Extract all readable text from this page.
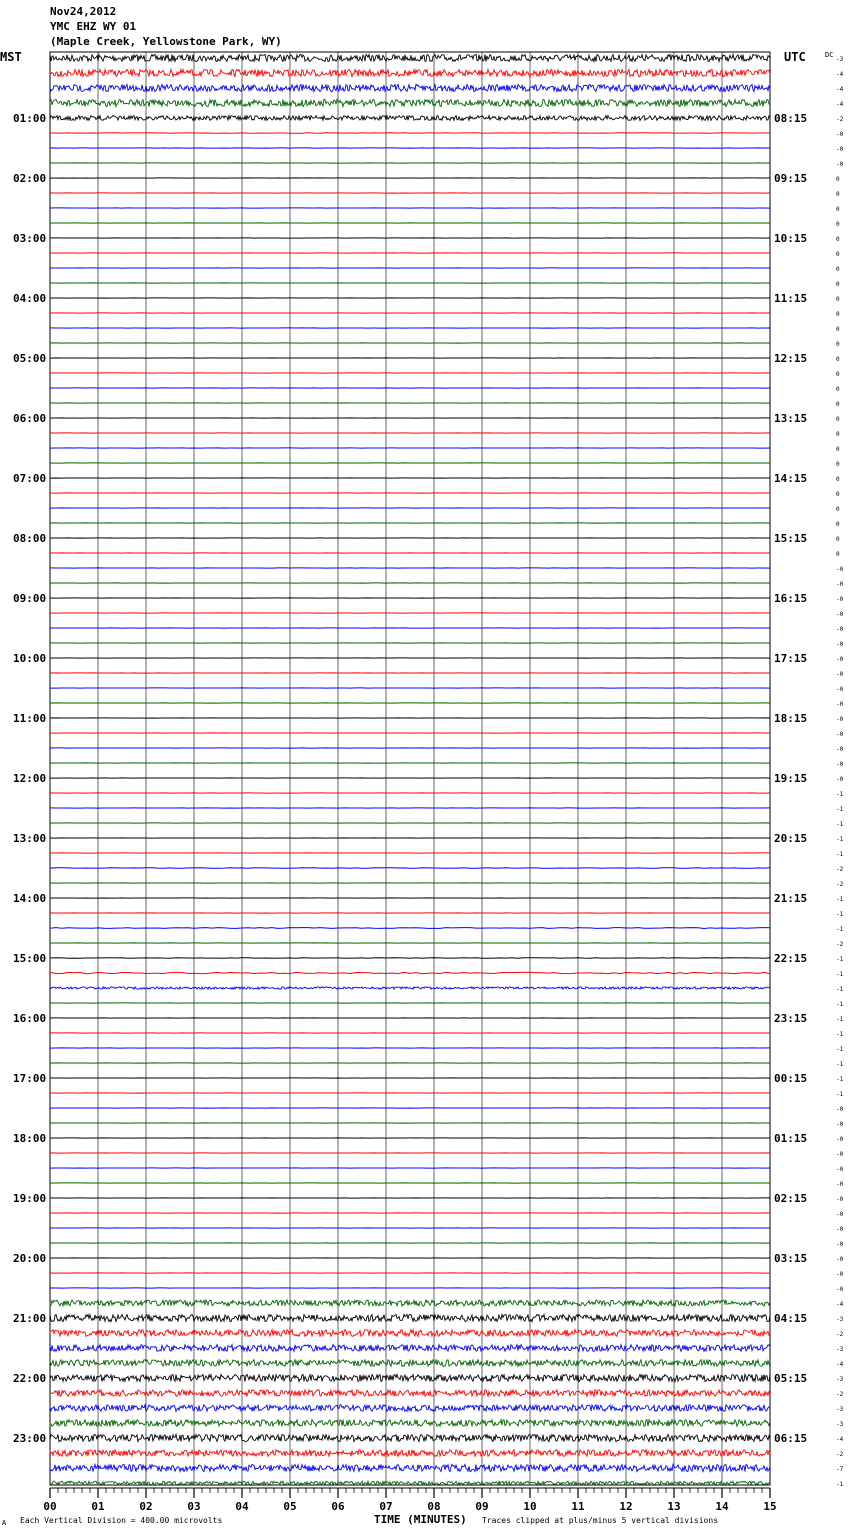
Nov24,2012
YMC EHZ WY 01
(Maple Creek, Yellowstone Park, WY)
-3
-4
-4
-4
-2
-0
-0
-0
0
0
0
0
0
0
0
0
0
0
0
0
0
0
0
0
0
0
0
0
0
0
0
0
0
0
-0
-0
-0
-0
-0
-0
-0
-0
-0
-0
-0
-0
-0
-0
-0
-1
-1
-1
-1
-1
-2
-2
-1
-1
-1
-2
-1
-1
-1
-1
-1
-1
-1
-1
-1
-1
-0
-0
-0
-0
-0
-0
-0
-0
-0
-0
-0
-0
-0
-4
-3
-2
-3
-4
-3
-2
-3
-3
-4
-2
-7
-1
01:00	08:15
02:00	09:15
03:00	10:15
04:00	11:15
05:00	12:15
06:00	13:15
07:00	14:15
08:00	15:15
09:00	16:15
10:00	17:15
11:00	18:15
12:00	19:15
13:00	20:15
14:00	21:15
15:00	22:15
16:00	23:15
17:00	00:15
18:00	01:15
19:00	02:15
20:00	03:15
21:00	04:15
22:00	05:15
23:00	06:15
00	01	02	03	04	05	06	07	08	09	10	11	12	13	14	15
MST	UTC	DC
A Each Vertical Division = 400.00 microvolts	TIME (MINUTES) Traces clipped at plus/minus 5 vertical divisions
